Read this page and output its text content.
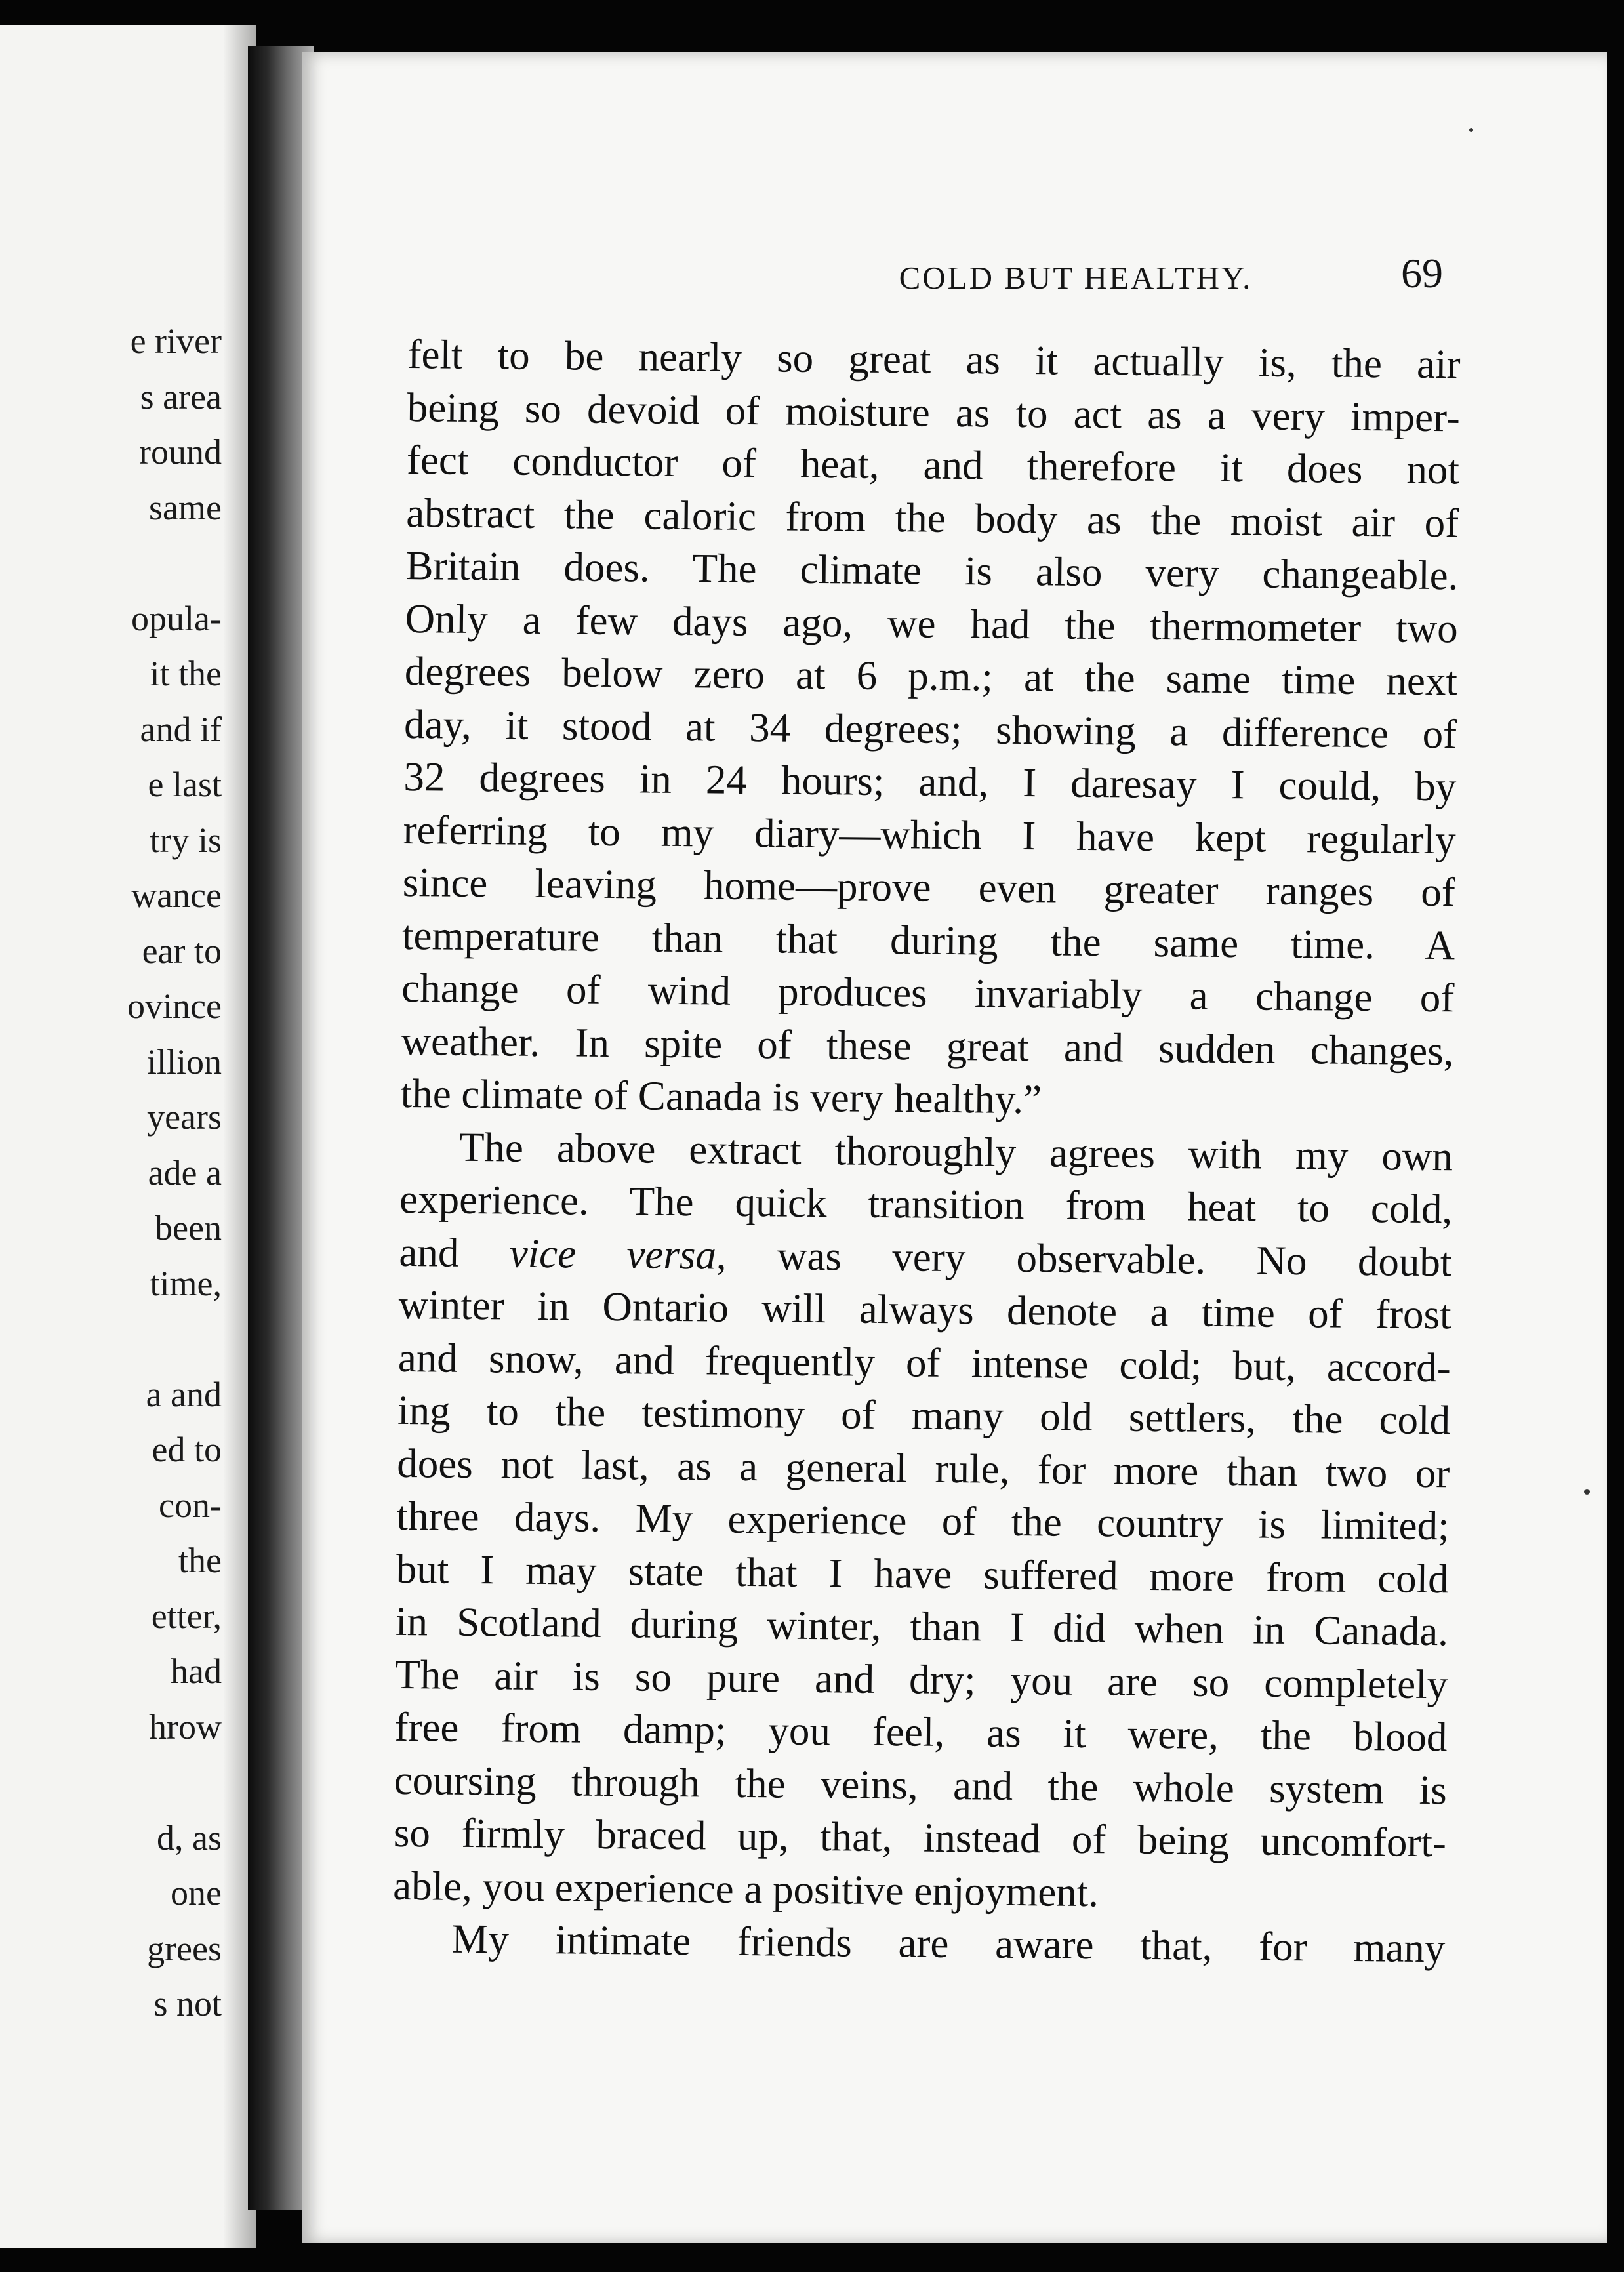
e river
s area
round
same
opula-
it the
and if
e last
try is
wance
ear to
ovince
illion
years
ade a
been
time,
a and
ed to
con-
the
etter,
had
hrow
d, as
one
grees
s not
COLD BUT HEALTHY.	69
felt to be nearly so great as it actually is, the air
being so devoid of moisture as to act as a very imper-
fect conductor of heat, and therefore it does not
abstract the caloric from the body as the moist air of
Britain does. The climate is also very changeable.
Only a few days ago, we had the thermometer two
degrees below zero at 6 p.m.; at the same time next
day, it stood at 34 degrees; showing a difference of
32 degrees in 24 hours; and, I daresay I could, by
referring to my diary—which I have kept regularly
since leaving home—prove even greater ranges of
temperature than that during the same time. A
change of wind produces invariably a change of
weather. In spite of these great and sudden changes,
the climate of Canada is very healthy.”
The above extract thoroughly agrees with my own
experience. The quick transition from heat to cold,
and vice versa, was very observable. No doubt
winter in Ontario will always denote a time of frost
and snow, and frequently of intense cold; but, accord-
ing to the testimony of many old settlers, the cold
does not last, as a general rule, for more than two or
three days. My experience of the country is limited;
but I may state that I have suffered more from cold
in Scotland during winter, than I did when in Canada.
The air is so pure and dry; you are so completely
free from damp; you feel, as it were, the blood
coursing through the veins, and the whole system is
so firmly braced up, that, instead of being uncomfort-
able, you experience a positive enjoyment.
My intimate friends are aware that, for many
